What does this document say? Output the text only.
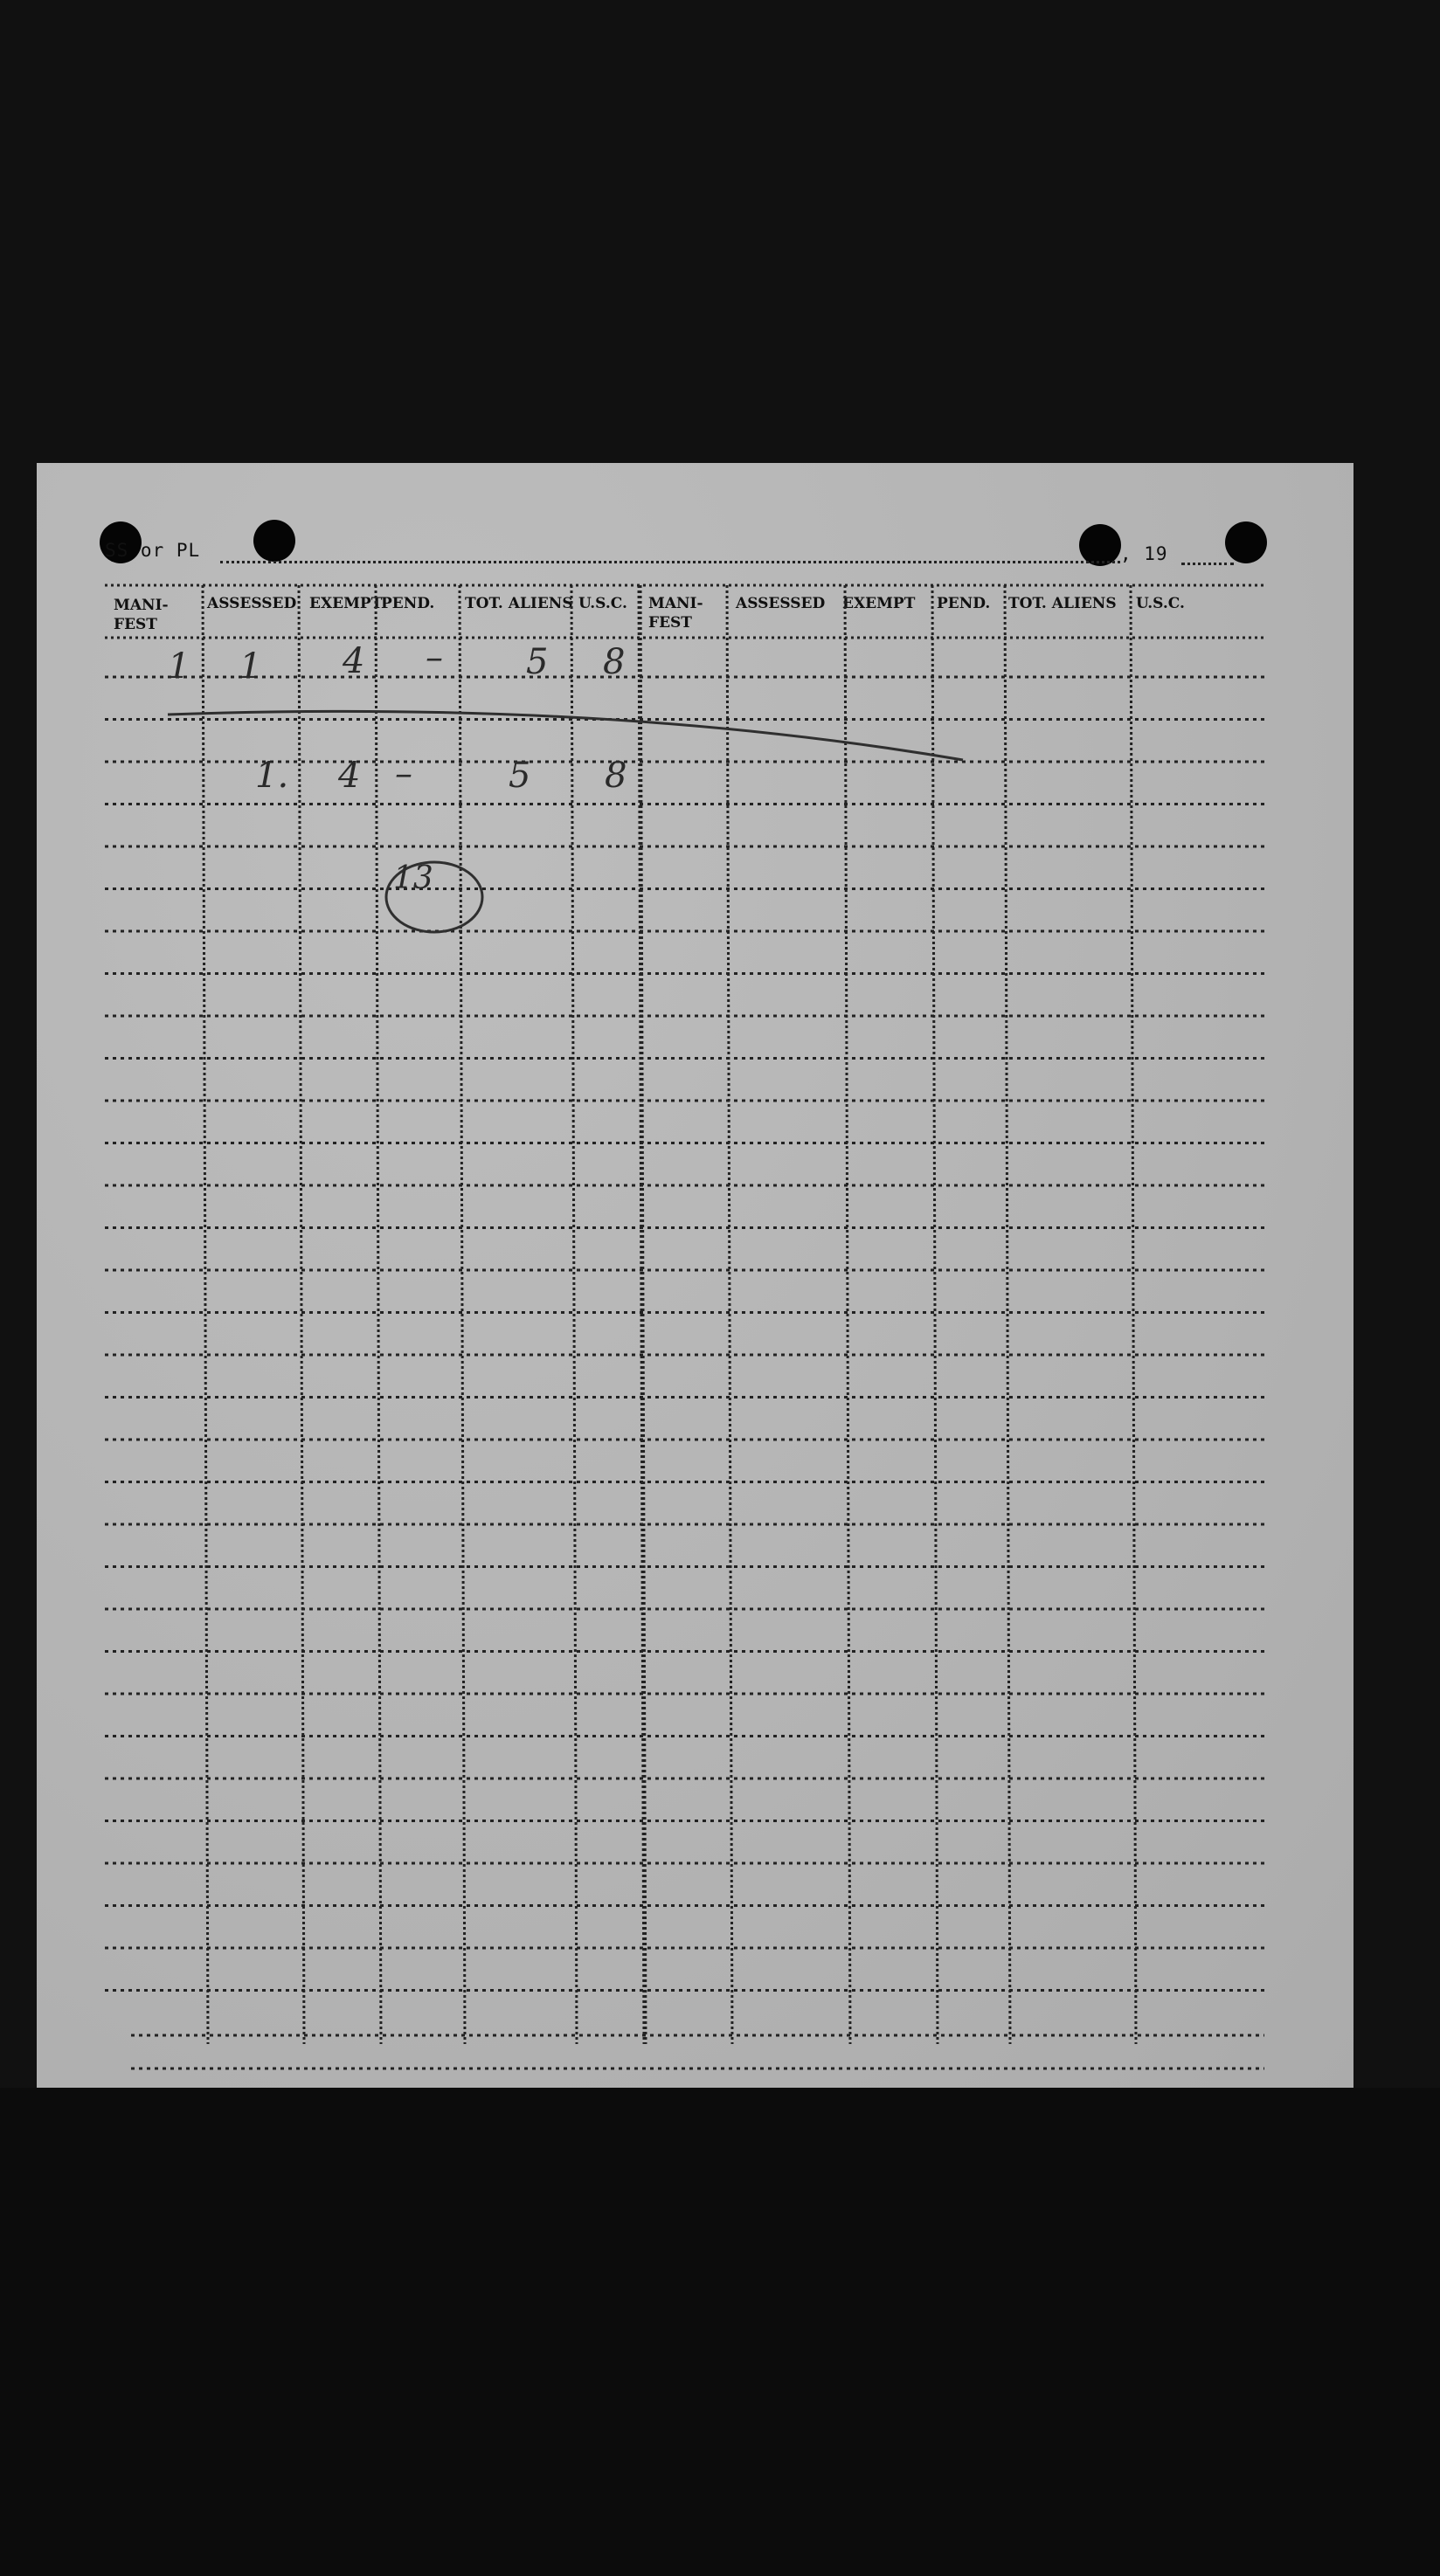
SS or PL	, 19
MANI-
FEST
ASSESSED EXEMPT
PEND. TOT. ALIENS U.S.C. MANI-
FEST
ASSESSED EXEMPT PEND. TOT. ALIENS U.S.C.
1 1 4 – 5 8
1. 4 –	5 8
13
